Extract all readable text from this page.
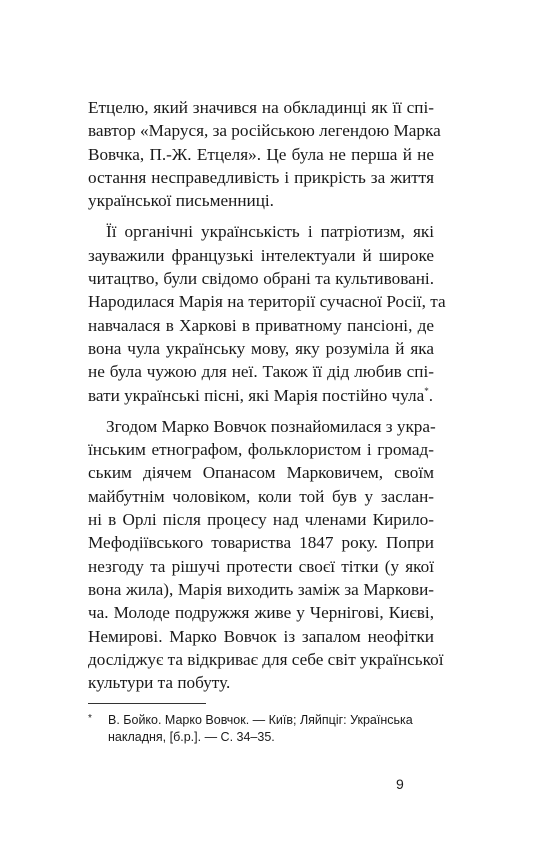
Етцелю, який значився на обкладинці як її спі-
вавтор «Маруся, за російською легендою Марка
Вовчка, П.-Ж. Етцеля». Це була не перша й не
остання несправедливість і прикрість за життя
української письменниці.
Її органічні українськість і патріотизм, які
зауважили французькі інтелектуали й широке
читацтво, були свідомо обрані та культивовані.
Народилася Марія на території сучасної Росії, та
навчалася в Харкові в приватному пансіоні, де
вона чула українську мову, яку розуміла й яка
не була чужою для неї. Також її дід любив спі-
вати українські пісні, які Марія постійно чула*.
Згодом Марко Вовчок познайомилася з укра-
їнським етнографом, фольклористом і громад-
ським діячем Опанасом Марковичем, своїм
майбутнім чоловіком, коли той був у заслан-
ні в Орлі після процесу над членами Кирило-
Мефодіївського товариства 1847 року. Попри
незгоду та рішучі протести своєї тітки (у якої
вона жила), Марія виходить заміж за Маркови-
ча. Молоде подружжя живе у Чернігові, Києві,
Немирові. Марко Вовчок із запалом неофітки
досліджує та відкриває для себе світ української
культури та побуту.
* В. Бойко. Марко Вовчок. — Київ; Ляйпціг: Українська
накладня, [б.р.]. — С. 34–35.
9
